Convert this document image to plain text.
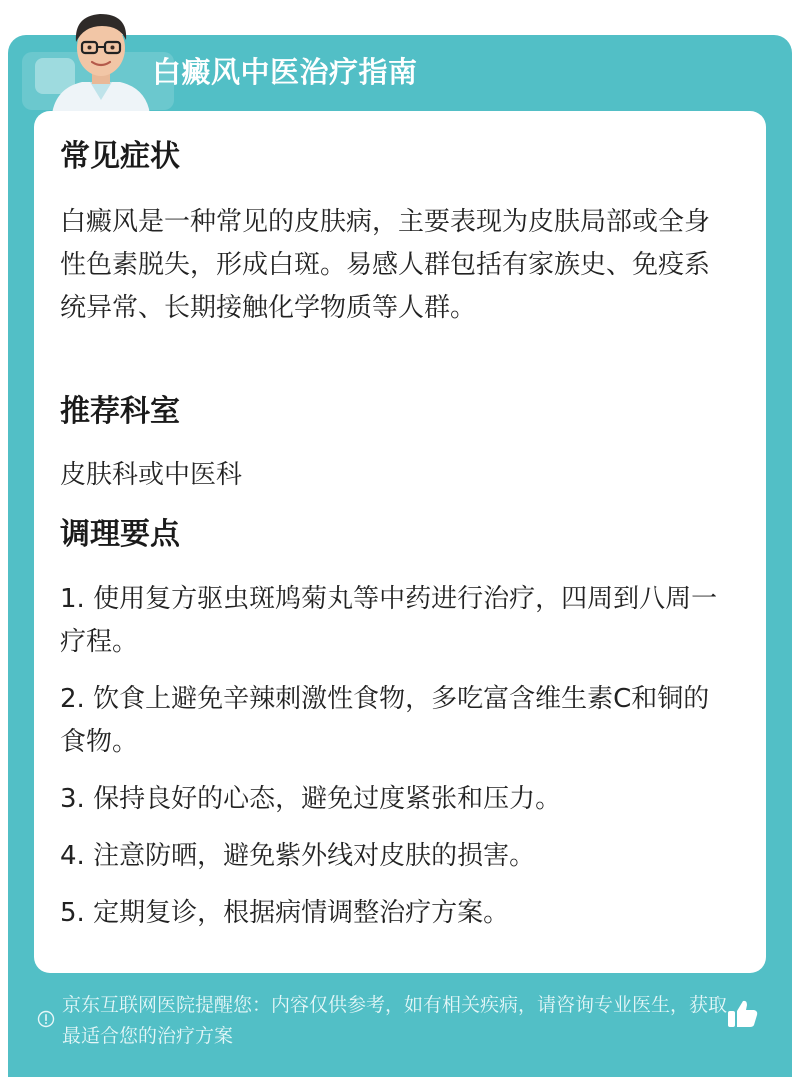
白癜风中医治疗指南
常见症状
白癜风是一种常见的皮肤病，主要表现为皮肤局部或全身性色素脱失，形成白斑。易感人群包括有家族史、免疫系统异常、长期接触化学物质等人群。
推荐科室
皮肤科或中医科
调理要点
1. 使用复方驱虫斑鸠菊丸等中药进行治疗，四周到八周一疗程。
2. 饮食上避免辛辣刺激性食物，多吃富含维生素C和铜的食物。
3. 保持良好的心态，避免过度紧张和压力。
4. 注意防晒，避免紫外线对皮肤的损害。
5. 定期复诊，根据病情调整治疗方案。
京东互联网医院提醒您：内容仅供参考，如有相关疾病，请咨询专业医生，获取最适合您的治疗方案
